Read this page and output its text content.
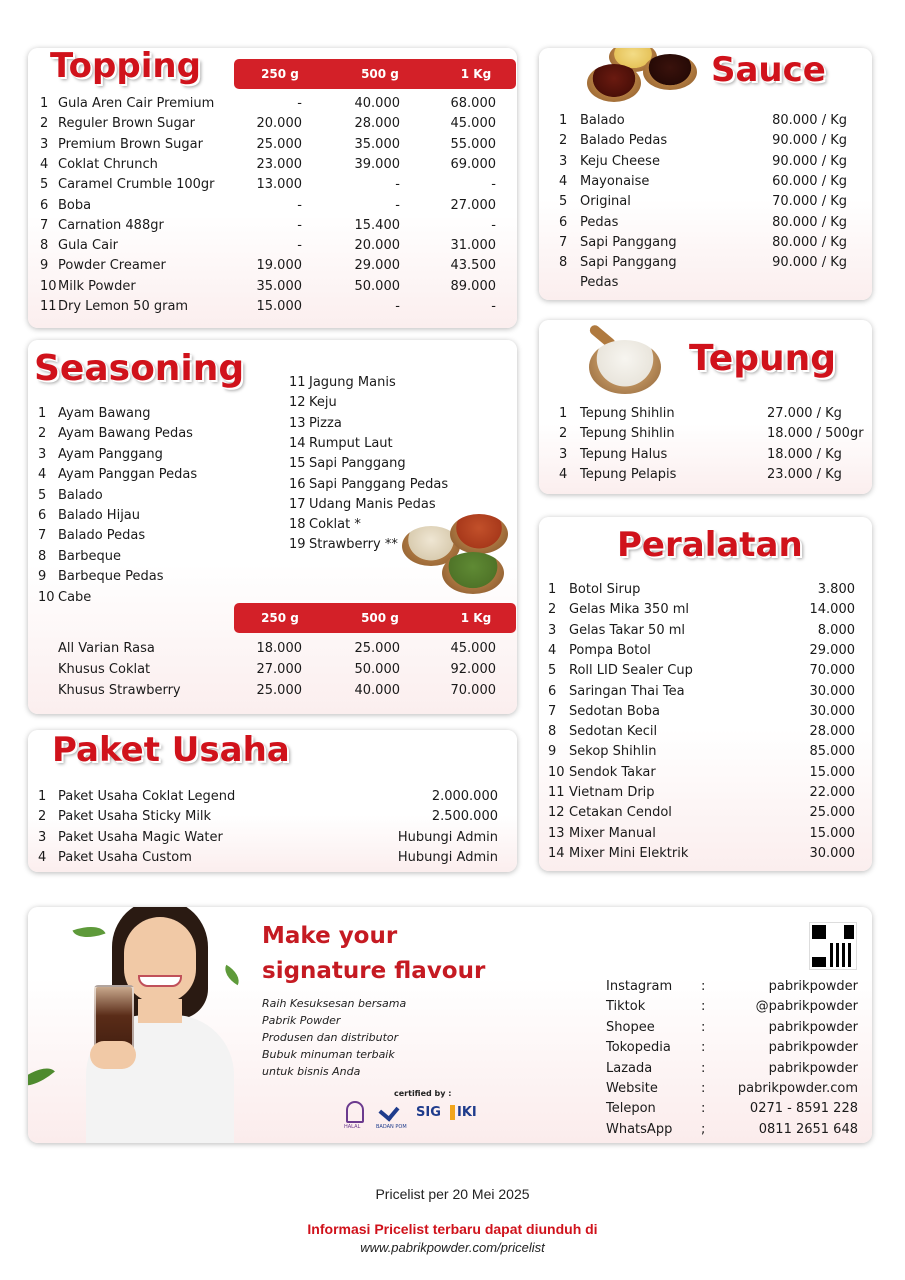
Topping	250 g	500 g	1 Kg
1 Gula Aren Cair Premium	-	40.000	68.000
2 Reguler Brown Sugar	20.000	28.000	45.000
3 Premium Brown Sugar	25.000	35.000	55.000
4 Coklat Chrunch	23.000	39.000	69.000
5 Caramel Crumble 100gr	13.000	-	-
6 Boba	-	-	27.000
7 Carnation 488gr	-	15.400	-
8 Gula Cair	-	20.000	31.000
9 Powder Creamer	19.000	29.000	43.500
10 Milk Powder	35.000	50.000	89.000
11 Dry Lemon 50 gram	15.000	-	-
Seasoning
1 Ayam Bawang
2 Ayam Bawang Pedas
3 Ayam Panggang
4 Ayam Panggan Pedas
5 Balado
6 Balado Hijau
7 Balado Pedas
8 Barbeque
9 Barbeque Pedas
10 Cabe
11 Jagung Manis
12 Keju
13 Pizza
14 Rumput Laut
15 Sapi Panggang
16 Sapi Panggang Pedas
17 Udang Manis Pedas
18 Coklat *
19 Strawberry **
250 g	500 g	1 Kg
All Varian Rasa	18.000	25.000	45.000
Khusus Coklat	27.000	50.000	92.000
Khusus Strawberry	25.000	40.000	70.000
Paket Usaha
1 Paket Usaha Coklat Legend	2.000.000
2 Paket Usaha Sticky Milk	2.500.000
3 Paket Usaha Magic Water	Hubungi Admin
4 Paket Usaha Custom	Hubungi Admin
Sauce
1 Balado	80.000 / Kg
2 Balado Pedas	90.000 / Kg
3 Keju Cheese	90.000 / Kg
4 Mayonaise	60.000 / Kg
5 Original	70.000 / Kg
6 Pedas	80.000 / Kg
7 Sapi Panggang	80.000 / Kg
8 Sapi Panggang	90.000 / Kg
Pedas
Tepung
1 Tepung Shihlin	27.000 / Kg
2 Tepung Shihlin	18.000 / 500gr
3 Tepung Halus	18.000 / Kg
4 Tepung Pelapis	23.000 / Kg
Peralatan
1 Botol Sirup	3.800
2 Gelas Mika 350 ml	14.000
3 Gelas Takar 50 ml	8.000
4 Pompa Botol	29.000
5 Roll LID Sealer Cup	70.000
6 Saringan Thai Tea	30.000
7 Sedotan Boba	30.000
8 Sedotan Kecil	28.000
9 Sekop Shihlin	85.000
10 Sendok Takar	15.000
11 Vietnam Drip	22.000
12 Cetakan Cendol	25.000
13 Mixer Manual	15.000
14 Mixer Mini Elektrik	30.000
Make your
signature flavour
Raih Kesuksesan bersama
Pabrik Powder
Produsen dan distributor
Bubuk minuman terbaik
untuk bisnis Anda
certified by :
HALAL	BADAN POM
SIG	IKI
Instagram :	pabrikpowder
Tiktok	:	@pabrikpowder
Shopee	:	pabrikpowder
Tokopedia :	pabrikpowder
Lazada	:	pabrikpowder
Website	:	pabrikpowder.com
Telepon	:	0271 - 8591 228
WhatsApp ;	0811 2651 648
Pricelist per 20 Mei 2025
Informasi Pricelist terbaru dapat diunduh di
www.pabrikpowder.com/pricelist
